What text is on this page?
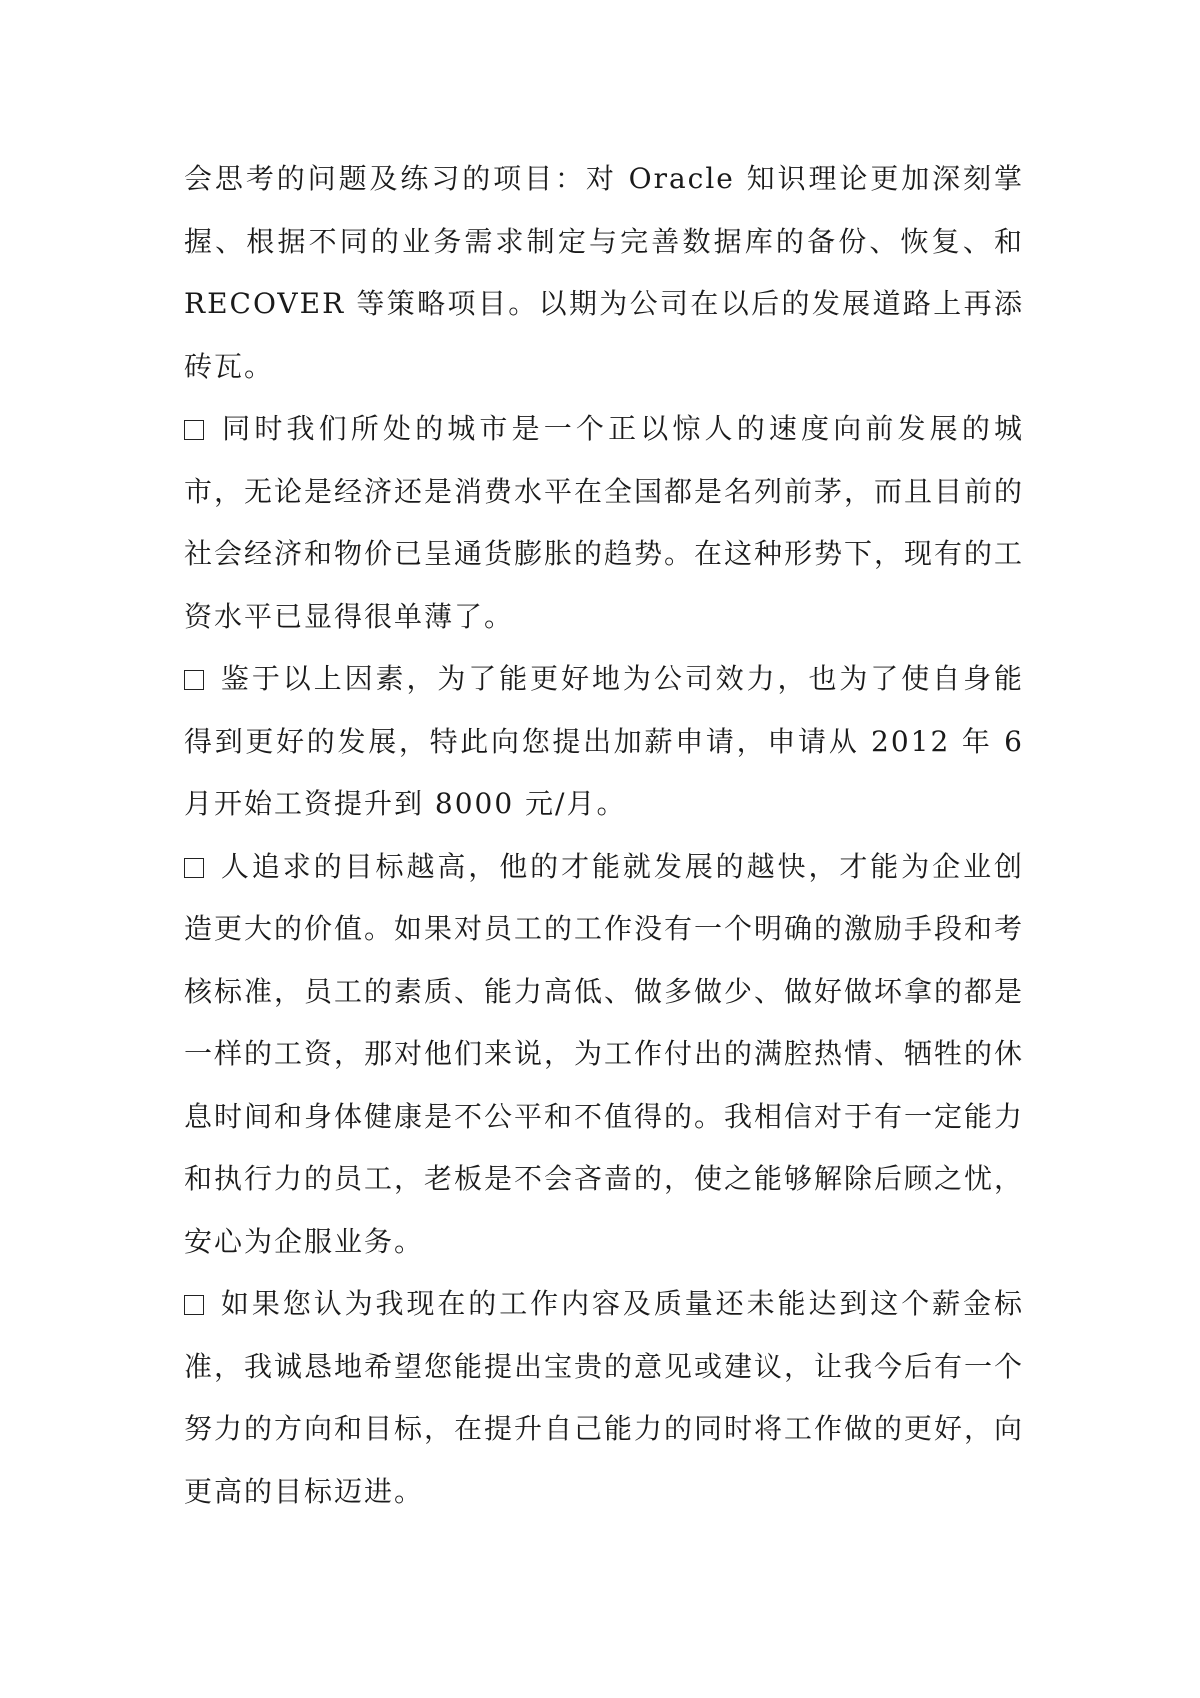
会思考的问题及练习的项目：对 Oracle 知识理论更加深刻掌握、根据不同的业务需求制定与完善数据库的备份、恢复、和 RECOVER 等策略项目。以期为公司在以后的发展道路上再添砖瓦。

同时我们所处的城市是一个正以惊人的速度向前发展的城市，无论是经济还是消费水平在全国都是名列前茅，而且目前的社会经济和物价已呈通货膨胀的趋势。在这种形势下，现有的工资水平已显得很单薄了。

鉴于以上因素，为了能更好地为公司效力，也为了使自身能得到更好的发展，特此向您提出加薪申请，申请从 2012 年 6 月开始工资提升到 8000 元/月。

人追求的目标越高，他的才能就发展的越快，才能为企业创造更大的价值。如果对员工的工作没有一个明确的激励手段和考核标准，员工的素质、能力高低、做多做少、做好做坏拿的都是一样的工资，那对他们来说，为工作付出的满腔热情、牺牲的休息时间和身体健康是不公平和不值得的。我相信对于有一定能力和执行力的员工，老板是不会吝啬的，使之能够解除后顾之忧，安心为企服业务。

如果您认为我现在的工作内容及质量还未能达到这个薪金标准，我诚恳地希望您能提出宝贵的意见或建议，让我今后有一个努力的方向和目标，在提升自己能力的同时将工作做的更好，向更高的目标迈进。
